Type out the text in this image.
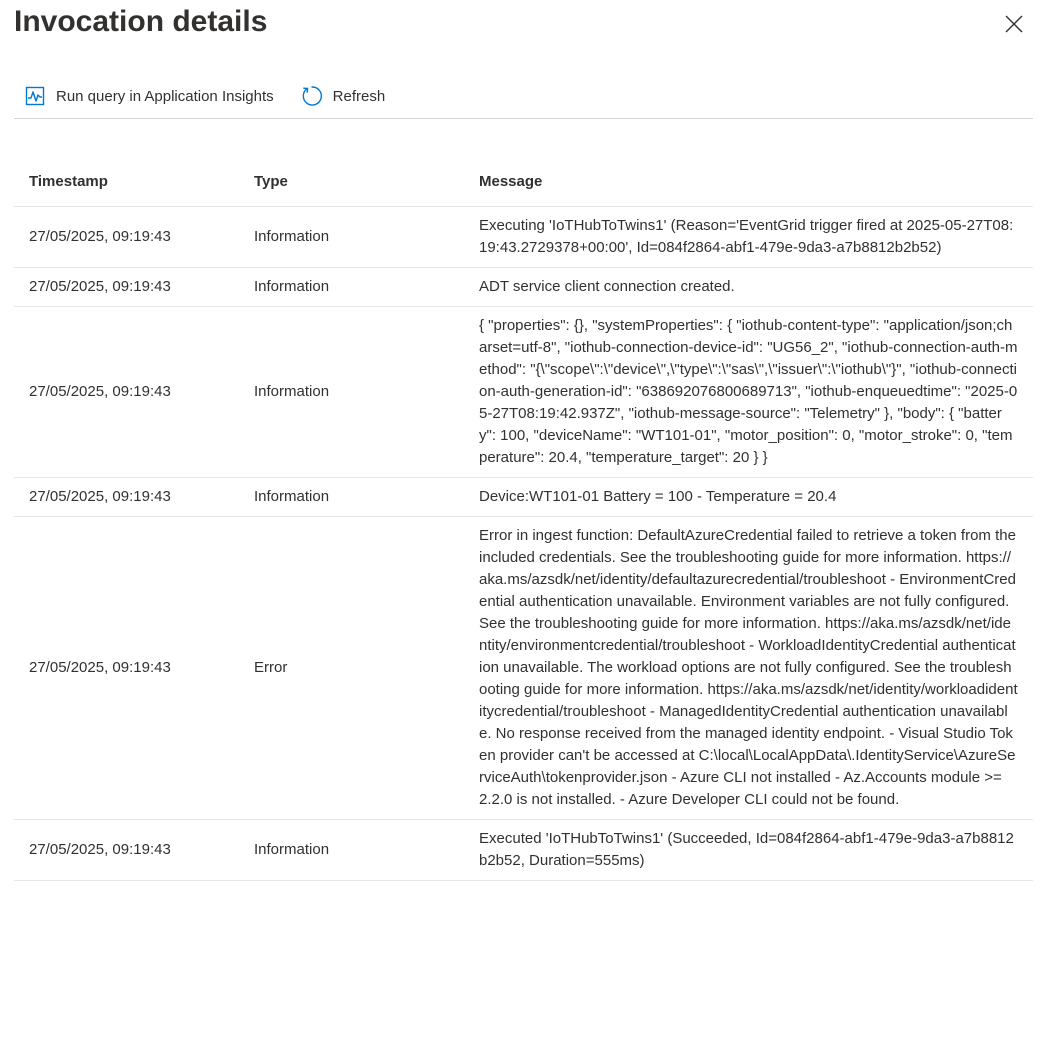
Invocation details
Run query in Application Insights	Refresh
Timestamp	Type	Message
27/05/2025, 09:19:43	Information	Executing 'IoTHubToTwins1' (Reason='EventGrid trigger fired at 2025-05-27T08:19:43.2729378+00:00', Id=084f2864-abf1-479e-9da3-a7b8812b2b52)
27/05/2025, 09:19:43	Information	ADT service client connection created.
27/05/2025, 09:19:43	Information	{ "properties": {}, "systemProperties": { "iothub-content-type": "application/json;charset=utf-8", "iothub-connection-device-id": "UG56_2", "iothub-connection-auth-method": "{\"scope\":\"device\",\"type\":\"sas\",\"issuer\":\"iothub\"}", "iothub-connection-auth-generation-id": "638692076800689713", "iothub-enqueuedtime": "2025-05-27T08:19:42.937Z", "iothub-message-source": "Telemetry" }, "body": { "battery": 100, "deviceName": "WT101-01", "motor_position": 0, "motor_stroke": 0, "temperature": 20.4, "temperature_target": 20 } }
27/05/2025, 09:19:43	Information	Device:WT101-01 Battery = 100 - Temperature = 20.4
27/05/2025, 09:19:43	Error	Error in ingest function: DefaultAzureCredential failed to retrieve a token from the included credentials. See the troubleshooting guide for more information. https://aka.ms/azsdk/net/identity/defaultazurecredential/troubleshoot - EnvironmentCredential authentication unavailable. Environment variables are not fully configured. See the troubleshooting guide for more information. https://aka.ms/azsdk/net/identity/environmentcredential/troubleshoot - WorkloadIdentityCredential authentication unavailable. The workload options are not fully configured. See the troubleshooting guide for more information. https://aka.ms/azsdk/net/identity/workloadidentitycredential/troubleshoot - ManagedIdentityCredential authentication unavailable. No response received from the managed identity endpoint. - Visual Studio Token provider can't be accessed at C:\local\LocalAppData\.IdentityService\AzureServiceAuth\tokenprovider.json - Azure CLI not installed - Az.Accounts module >= 2.2.0 is not installed. - Azure Developer CLI could not be found.
27/05/2025, 09:19:43	Information	Executed 'IoTHubToTwins1' (Succeeded, Id=084f2864-abf1-479e-9da3-a7b8812b2b52, Duration=555ms)
